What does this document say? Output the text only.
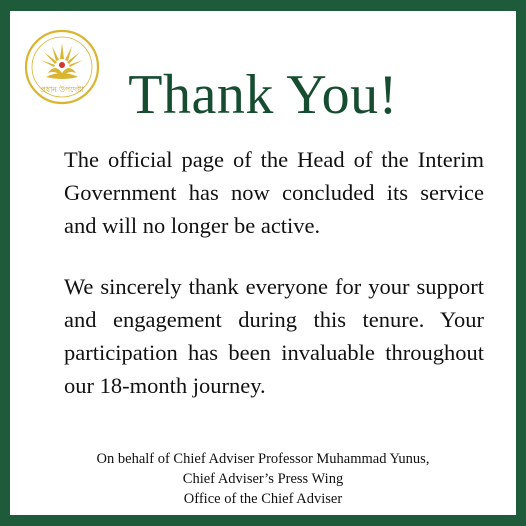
প্রধান উপদেষ্টা Thank You!
The official page of the Head of the Interim Government has now concluded its service and will no longer be active.
We sincerely thank everyone for your support and engagement during this tenure. Your participation has been invaluable throughout our 18-month journey.
On behalf of Chief Adviser Professor Muhammad Yunus,
Chief Adviser’s Press Wing
Office of the Chief Adviser
